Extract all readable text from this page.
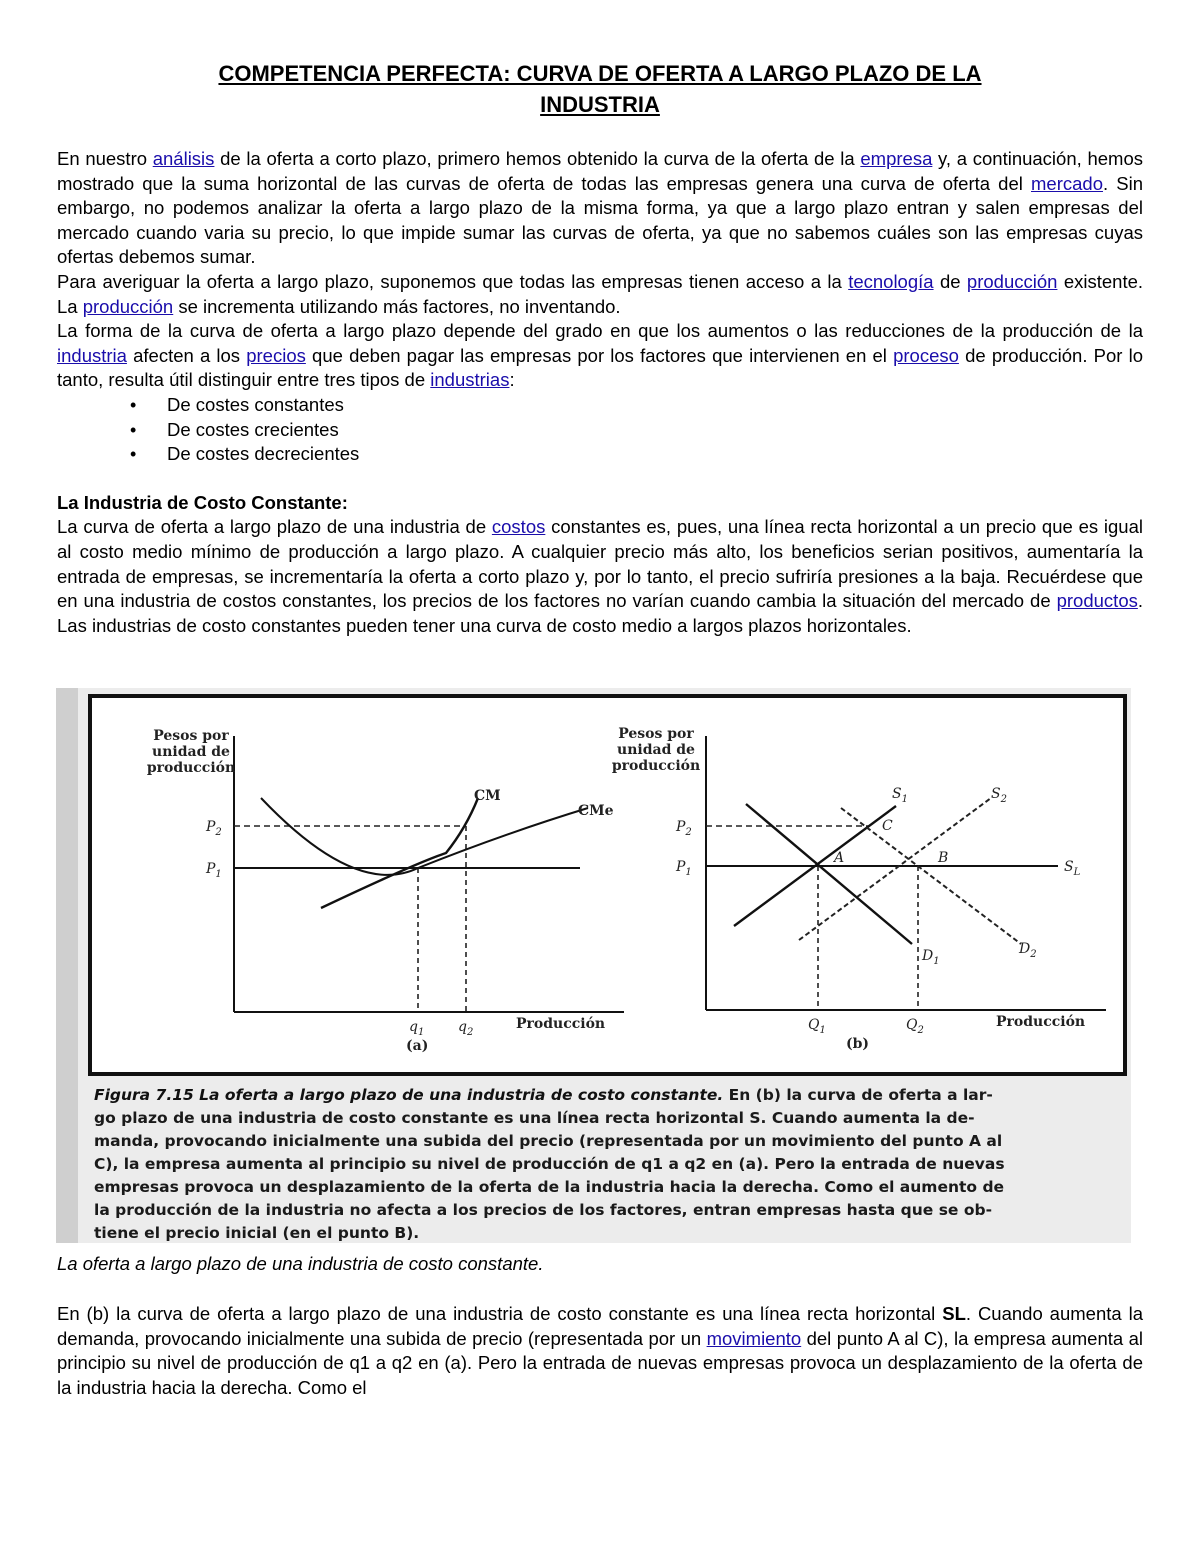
COMPETENCIA PERFECTA: CURVA DE OFERTA A LARGO PLAZO DE LA
INDUSTRIA

En nuestro análisis de la oferta a corto plazo, primero hemos obtenido la curva de la oferta de la empresa y, a continuación, hemos mostrado que la suma horizontal de las curvas de oferta de todas las empresas genera una curva de oferta del mercado. Sin embargo, no podemos analizar la oferta a largo plazo de la misma forma, ya que a largo plazo entran y salen empresas del mercado cuando varia su precio, lo que impide sumar las curvas de oferta, ya que no sabemos cuáles son las empresas cuyas ofertas debemos sumar.

Para averiguar la oferta a largo plazo, suponemos que todas las empresas tienen acceso a la tecnología de producción existente. La producción se incrementa utilizando más factores, no inventando.

La forma de la curva de oferta a largo plazo depende del grado en que los aumentos o las reducciones de la producción de la industria afecten a los precios que deben pagar las empresas por los factores que intervienen en el proceso de producción. Por lo tanto, resulta útil distinguir entre tres tipos de industrias:

• De costes constantes
• De costes crecientes
• De costes decrecientes
La Industria de Costo Constante:

La curva de oferta a largo plazo de una industria de costos constantes es, pues, una línea recta horizontal a un precio que es igual al costo medio mínimo de producción a largo plazo. A cualquier precio más alto, los beneficios serian positivos, aumentaría la entrada de empresas, se incrementaría la oferta a corto plazo y, por lo tanto, el precio sufriría presiones a la baja. Recuérdese que en una industria de costos constantes, los precios de los factores no varían cuando cambia la situación del mercado de productos. Las industrias de costo constantes pueden tener una curva de costo medio a largos plazos horizontales.

Pesos por
unidad de
producción
$P_2$
$P_1$
$q_1$ $q_2$
Producción
CM
CMe
(a)
Pesos por
unidad de
producción
$P_2$
$P_1$
$Q_1$	$Q_2$
Producción
$S_1$	$S_2$
$S_L$
$D_1$
$D_2$
A	B
C
(b)
Figura 7.15 La oferta a largo plazo de una industria de costo constante. En (b) la curva de oferta a lar-
go plazo de una industria de costo constante es una línea recta horizontal S. Cuando aumenta la de-
manda, provocando inicialmente una subida del precio (representada por un movimiento del punto A al
C), la empresa aumenta al principio su nivel de producción de q1 a q2 en (a). Pero la entrada de nuevas
empresas provoca un desplazamiento de la oferta de la industria hacia la derecha. Como el aumento de
la producción de la industria no afecta a los precios de los factores, entran empresas hasta que se ob-
tiene el precio inicial (en el punto B).
La oferta a largo plazo de una industria de costo constante.

En (b) la curva de oferta a largo plazo de una industria de costo constante es una línea recta horizontal SL. Cuando aumenta la demanda, provocando inicialmente una subida de precio (representada por un movimiento del punto A al C), la empresa aumenta al principio su nivel de producción de q1 a q2 en (a). Pero la entrada de nuevas empresas provoca un desplazamiento de la oferta de la industria hacia la derecha. Como el
